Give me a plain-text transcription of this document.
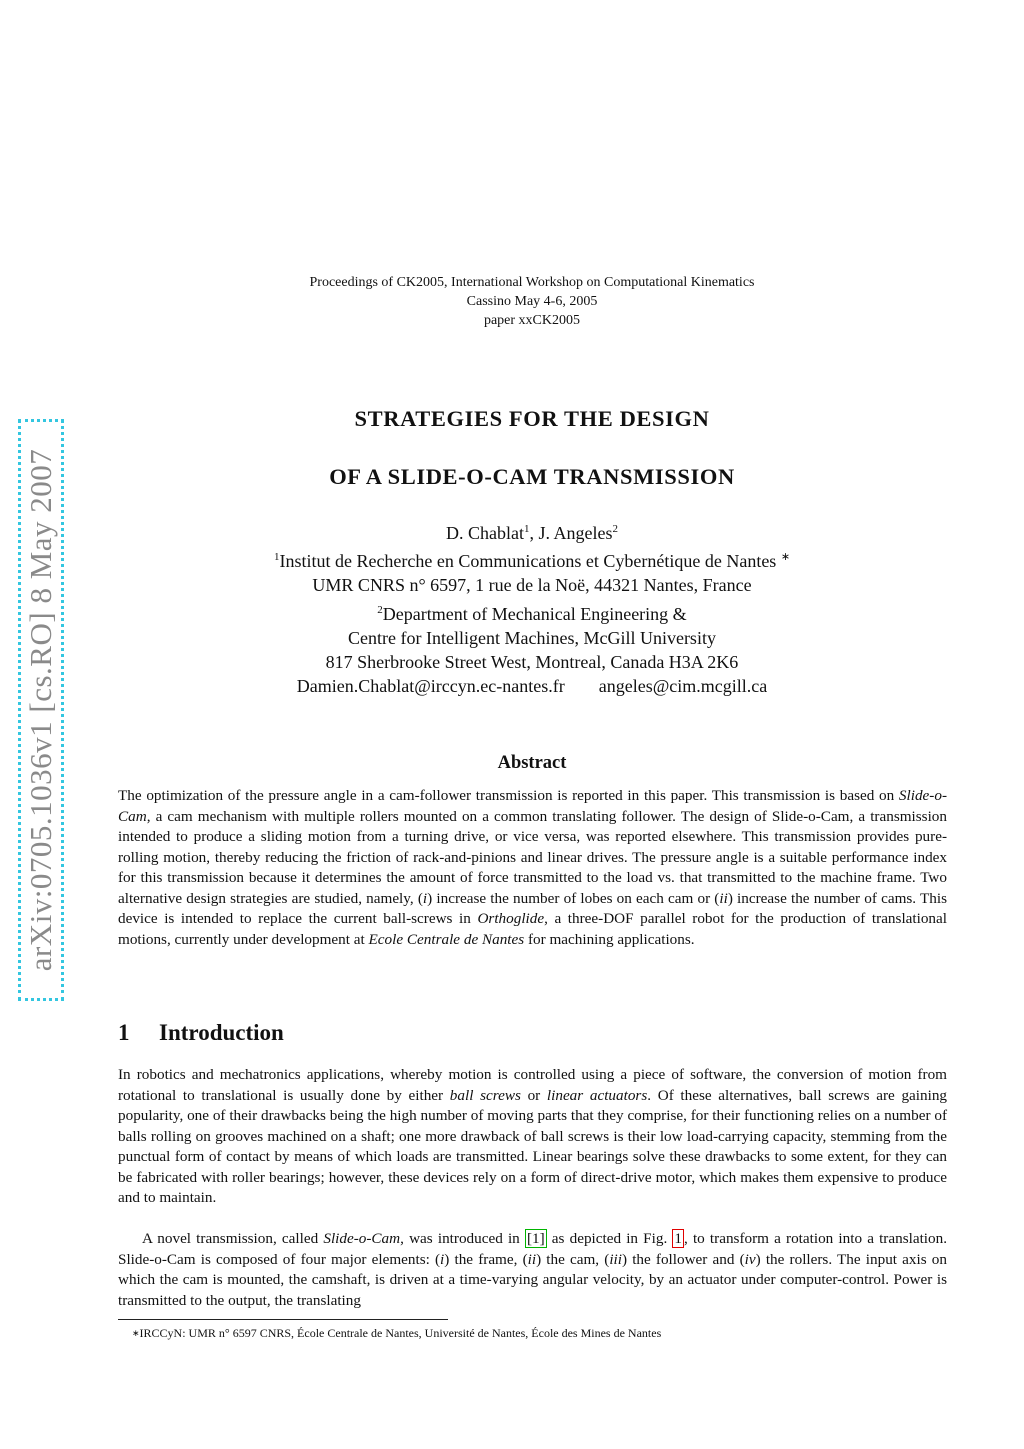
arXiv:0705.1036v1 [cs.RO] 8 May 2007
Proceedings of CK2005, International Workshop on Computational Kinematics
Cassino May 4-6, 2005
paper xxCK2005
STRATEGIES FOR THE DESIGN
OF A SLIDE-O-CAM TRANSMISSION
D. Chablat$^1$, J. Angeles$^2$
$^1$Institut de Recherche en Communications et Cybernétique de Nantes ∗
UMR CNRS n° 6597, 1 rue de la Noë, 44321 Nantes, France
$^2$Department of Mechanical Engineering &
Centre for Intelligent Machines, McGill University
817 Sherbrooke Street West, Montreal, Canada H3A 2K6
Damien.Chablat@irccyn.ec-nantes.fr angeles@cim.mcgill.ca
Abstract
The optimization of the pressure angle in a cam-follower transmission is reported in this paper. This transmission is based on Slide-o-Cam, a cam mechanism with multiple rollers mounted on a common translating follower. The design of Slide-o-Cam, a transmission intended to produce a sliding motion from a turning drive, or vice versa, was reported elsewhere. This transmission provides pure-rolling motion, thereby reducing the friction of rack-and-pinions and linear drives. The pressure angle is a suitable performance index for this transmission because it determines the amount of force transmitted to the load vs. that transmitted to the machine frame. Two alternative design strategies are studied, namely, (i) increase the number of lobes on each cam or (ii) increase the number of cams. This device is intended to replace the current ball-screws in Orthoglide, a three-DOF parallel robot for the production of translational motions, currently under development at Ecole Centrale de Nantes for machining applications.
1 Introduction
In robotics and mechatronics applications, whereby motion is controlled using a piece of software, the conversion of motion from rotational to translational is usually done by either ball screws or linear actuators. Of these alternatives, ball screws are gaining popularity, one of their drawbacks being the high number of moving parts that they comprise, for their functioning relies on a number of balls rolling on grooves machined on a shaft; one more drawback of ball screws is their low load-carrying capacity, stemming from the punctual form of contact by means of which loads are transmitted. Linear bearings solve these drawbacks to some extent, for they can be fabricated with roller bearings; however, these devices rely on a form of direct-drive motor, which makes them expensive to produce and to maintain.
A novel transmission, called Slide-o-Cam, was introduced in [1] as depicted in Fig. 1 , to transform a rotation into a translation. Slide-o-Cam is composed of four major elements: (i) the frame, (ii) the cam, (iii) the follower and (iv) the rollers. The input axis on which the cam is mounted, the camshaft, is driven at a time-varying angular velocity, by an actuator under computer-control. Power is transmitted to the output, the translating
∗IRCCyN: UMR n° 6597 CNRS, École Centrale de Nantes, Université de Nantes, École des Mines de Nantes
